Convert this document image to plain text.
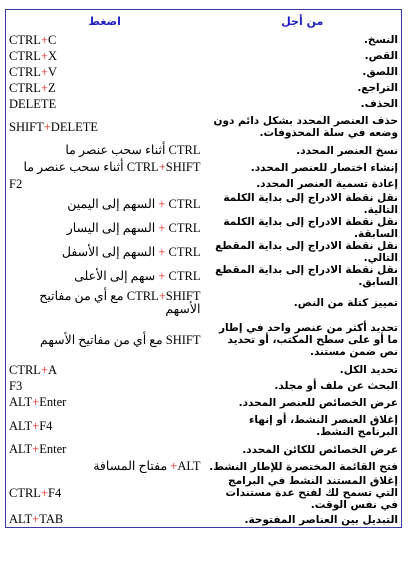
اضغط	من أجل
CTRL+C	النسخ.
CTRL+X	القص.
CTRL+V	اللصق.
CTRL+Z	التراجع.
DELETE	الحذف.
SHIFT+DELETE	حذف العنصر المحدد بشكل دائم دون وضعه في سلة المحذوفات.
CTRL أثناء سحب عنصر ما	نسخ العنصر المحدد.
CTRL+SHIFT أثناء سحب عنصر ما	إنشاء اختصار للعنصر المحدد.
F2	إعادة تسمية العنصر المحدد.
CTRL + السهم إلى اليمين	نقل نقطة الادراج إلى بداية الكلمة التالية.
CTRL + السهم إلى اليسار	نقل نقطة الادراج إلى بداية الكلمة السابقة.
CTRL + السهم إلى الأسفل	نقل نقطة الادراج إلى بداية المقطع التالي.
CTRL + سهم إلى الأعلى	نقل نقطة الادراج إلى بداية المقطع السابق.
CTRL+SHIFT مع أي من مفاتيح الأسهم	تمييز كتلة من النص.
SHIFT مع أي من مفاتيح الأسهم	تحديد أكثر من عنصر واحد في إطار ما أو على سطح المكتب، أو تحديد نص ضمن مستند.
CTRL+A	تحديد الكل.
F3	البحث عن ملف أو مجلد.
ALT+Enter	عرض الخصائص للعنصر المحدد.
ALT+F4	إغلاق العنصر النشط، أو إنهاء البرنامج النشط.
ALT+Enter	عرض الخصائص للكائن المحدد.
ALT+ مفتاح المسافة	فتح القائمة المختصرة للإطار النشط.
CTRL+F4	إغلاق المستند النشط في البرامج التي تسمح لك لفتح عدة مستندات في نفس الوقت.
ALT+TAB	التبديل بين العناصر المفتوحة.
